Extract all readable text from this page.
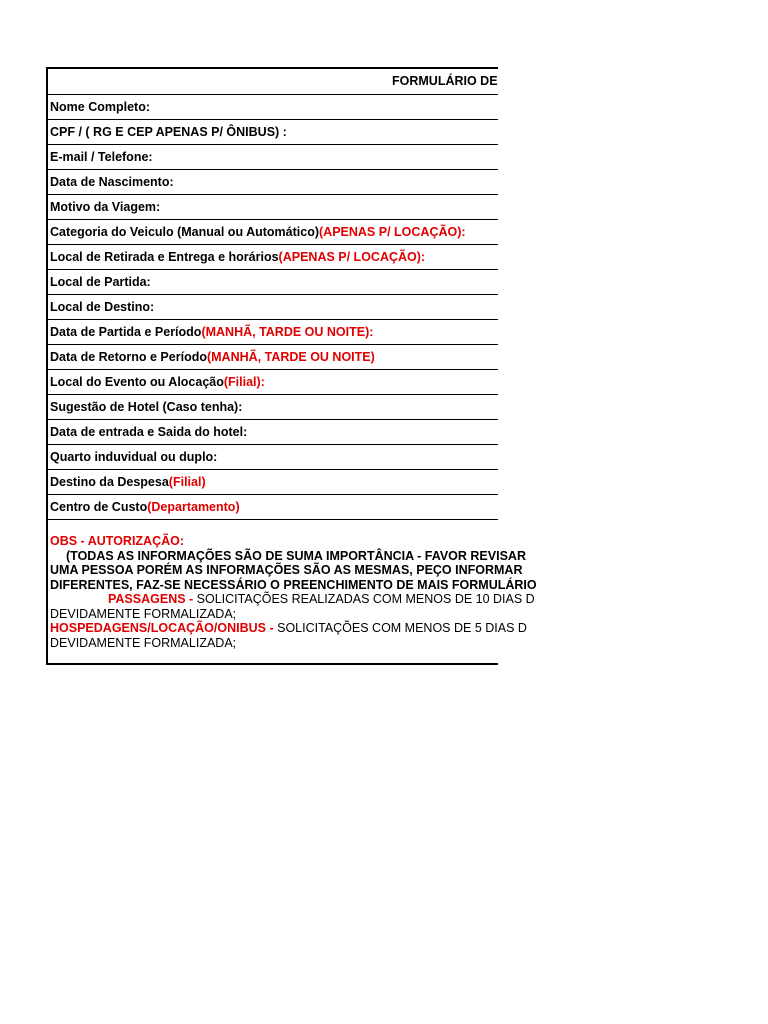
FORMULÁRIO DE
Nome Completo:
CPF / ( RG E CEP APENAS P/ ÔNIBUS) :
E-mail / Telefone:
Data de Nascimento:
Motivo da Viagem:
Categoria do Veiculo (Manual ou Automático) (APENAS P/ LOCAÇÃO):
Local de Retirada e Entrega e horários (APENAS P/ LOCAÇÃO):
Local de Partida:
Local de Destino:
Data de Partida e Período (MANHÃ, TARDE OU NOITE):
Data de Retorno e Período (MANHÃ, TARDE OU NOITE)
Local do Evento ou Alocação (Filial):
Sugestão de Hotel (Caso tenha):
Data de entrada e Saida do hotel:
Quarto induvidual ou duplo:
Destino da Despesa (Filial)
Centro de Custo (Departamento)
OBS - AUTORIZAÇÃO:
(TODAS AS INFORMAÇÕES SÃO DE SUMA IMPORTÂNCIA - FAVOR REVISAR
UMA PESSOA PORÉM AS INFORMAÇÕES SÃO AS MESMAS, PEÇO INFORMAR
DIFERENTES, FAZ-SE NECESSÁRIO O PREENCHIMENTO DE MAIS FORMULÁRIO
PASSAGENS - SOLICITAÇÕES REALIZADAS COM MENOS DE 10 DIAS D
DEVIDAMENTE FORMALIZADA;
HOSPEDAGENS/LOCAÇÃO/ONIBUS - SOLICITAÇÕES COM MENOS DE 5 DIAS D
DEVIDAMENTE FORMALIZADA;
